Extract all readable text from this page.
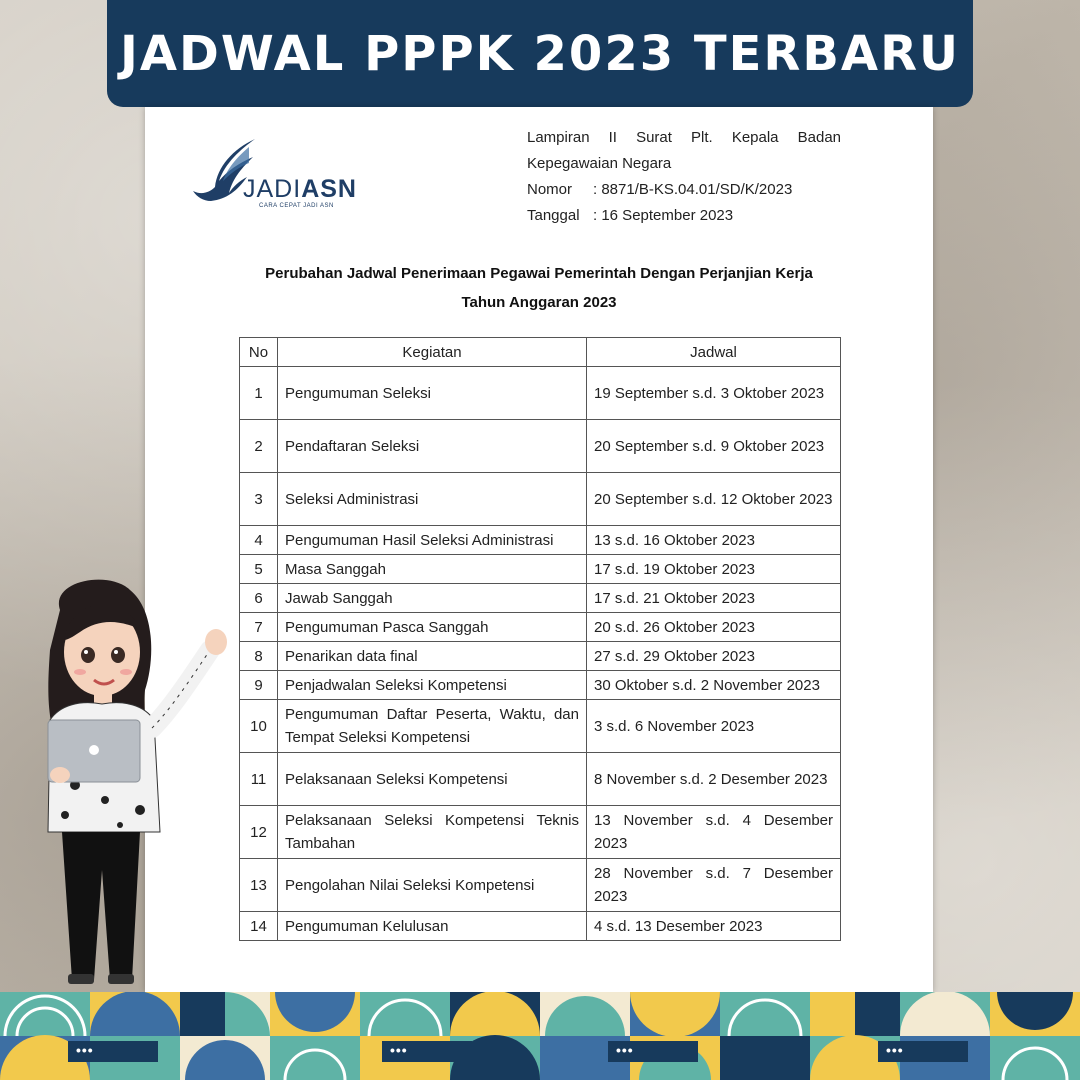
JADWAL PPPK 2023 TERBARU
JADIASN
CARA CEPAT JADI ASN
Lampiran II Surat Plt. Kepala Badan
Kepegawaian Negara
Nomor	: 8871/B-KS.04.01/SD/K/2023
Tanggal : 16 September 2023
Perubahan Jadwal Penerimaan Pegawai Pemerintah Dengan Perjanjian Kerja
Tahun Anggaran 2023
No	Kegiatan	Jadwal
1	Pengumuman Seleksi	19 September s.d. 3 Oktober 2023
2	Pendaftaran Seleksi	20 September s.d. 9 Oktober 2023
3	Seleksi Administrasi	20 September s.d. 12 Oktober 2023
4	Pengumuman Hasil Seleksi Administrasi	13 s.d. 16 Oktober 2023
5	Masa Sanggah	17 s.d. 19 Oktober 2023
6	Jawab Sanggah	17 s.d. 21 Oktober 2023
7	Pengumuman Pasca Sanggah	20 s.d. 26 Oktober 2023
8	Penarikan data final	27 s.d. 29 Oktober 2023
9	Penjadwalan Seleksi Kompetensi	30 Oktober s.d. 2 November 2023
10	Pengumuman Daftar Peserta, Waktu, dan Tempat Seleksi Kompetensi	3 s.d. 6 November 2023
11	Pelaksanaan Seleksi Kompetensi	8 November s.d. 2 Desember 2023
12	Pelaksanaan Seleksi Kompetensi Teknis Tambahan	13 November s.d. 4 Desember 2023
13	Pengolahan Nilai Seleksi Kompetensi	28 November s.d. 7 Desember 2023
14	Pengumuman Kelulusan	4 s.d. 13 Desember 2023
•••	•••	•••	•••
